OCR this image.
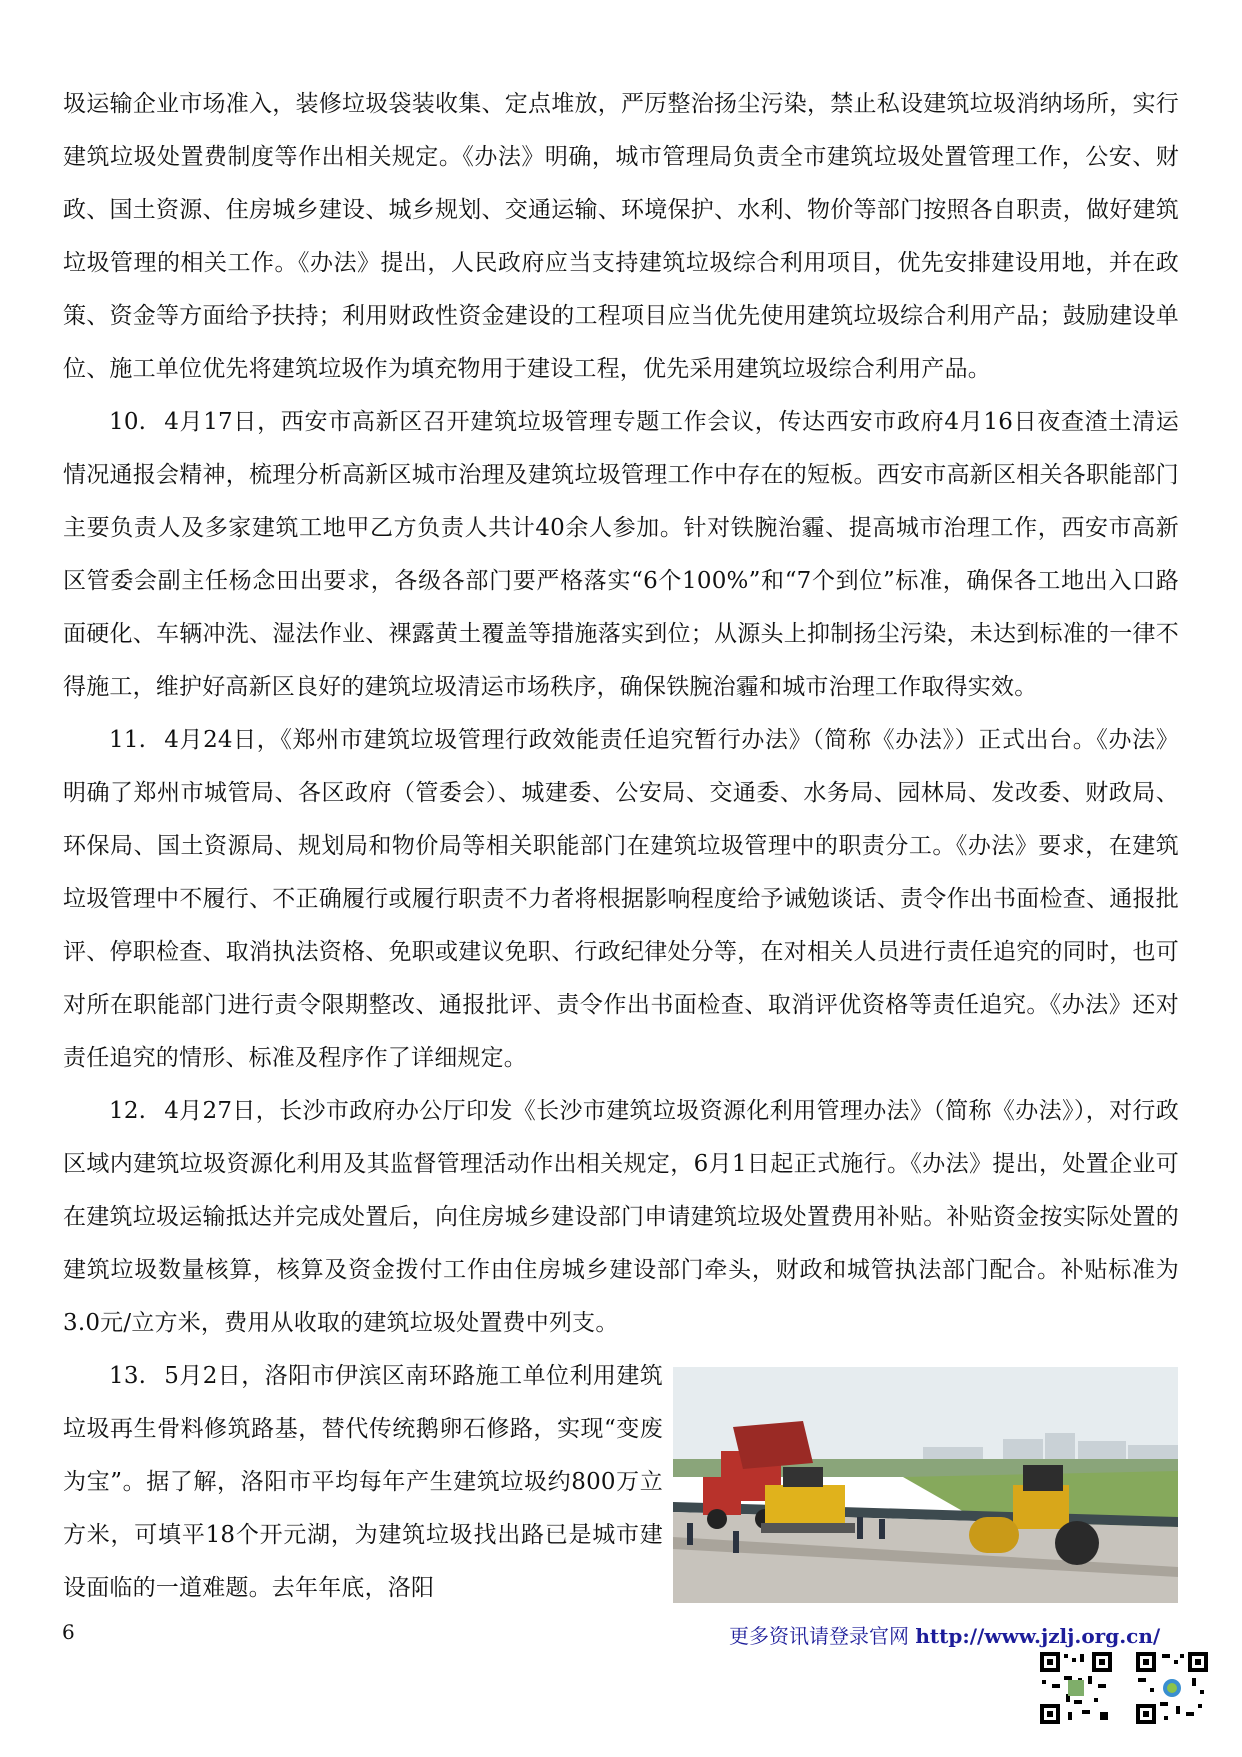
圾运输企业市场准入，装修垃圾袋装收集、定点堆放，严厉整治扬尘污染，禁止私设建筑垃圾消纳场所，实行建筑垃圾处置费制度等作出相关规定。《办法》明确，城市管理局负责全市建筑垃圾处置管理工作，公安、财政、国土资源、住房城乡建设、城乡规划、交通运输、环境保护、水利、物价等部门按照各自职责，做好建筑垃圾管理的相关工作。《办法》提出，人民政府应当支持建筑垃圾综合利用项目，优先安排建设用地，并在政策、资金等方面给予扶持；利用财政性资金建设的工程项目应当优先使用建筑垃圾综合利用产品；鼓励建设单位、施工单位优先将建筑垃圾作为填充物用于建设工程，优先采用建筑垃圾综合利用产品。

10. 4月17日，西安市高新区召开建筑垃圾管理专题工作会议，传达西安市政府4月16日夜查渣土清运情况通报会精神，梳理分析高新区城市治理及建筑垃圾管理工作中存在的短板。西安市高新区相关各职能部门主要负责人及多家建筑工地甲乙方负责人共计40余人参加。针对铁腕治霾、提高城市治理工作，西安市高新区管委会副主任杨念田出要求，各级各部门要严格落实“6个100%”和“7个到位”标准，确保各工地出入口路面硬化、车辆冲洗、湿法作业、裸露黄土覆盖等措施落实到位；从源头上抑制扬尘污染，未达到标准的一律不得施工，维护好高新区良好的建筑垃圾清运市场秩序，确保铁腕治霾和城市治理工作取得实效。

11. 4月24日，《郑州市建筑垃圾管理行政效能责任追究暂行办法》（简称《办法》）正式出台。《办法》明确了郑州市城管局、各区政府（管委会）、城建委、公安局、交通委、水务局、园林局、发改委、财政局、环保局、国土资源局、规划局和物价局等相关职能部门在建筑垃圾管理中的职责分工。《办法》要求，在建筑垃圾管理中不履行、不正确履行或履行职责不力者将根据影响程度给予诫勉谈话、责令作出书面检查、通报批评、停职检查、取消执法资格、免职或建议免职、行政纪律处分等，在对相关人员进行责任追究的同时，也可对所在职能部门进行责令限期整改、通报批评、责令作出书面检查、取消评优资格等责任追究。《办法》还对责任追究的情形、标准及程序作了详细规定。

12. 4月27日，长沙市政府办公厅印发《长沙市建筑垃圾资源化利用管理办法》（简称《办法》），对行政区域内建筑垃圾资源化利用及其监督管理活动作出相关规定，6月1日起正式施行。《办法》提出，处置企业可在建筑垃圾运输抵达并完成处置后，向住房城乡建设部门申请建筑垃圾处置费用补贴。补贴资金按实际处置的建筑垃圾数量核算，核算及资金拨付工作由住房城乡建设部门牵头，财政和城管执法部门配合。补贴标准为3.0元/立方米，费用从收取的建筑垃圾处置费中列支。

13. 5月2日，洛阳市伊滨区南环路施工单位利用建筑垃圾再生骨料修筑路基，替代传统鹅卵石修路，实现“变废为宝”。据了解，洛阳市平均每年产生建筑垃圾约800万立方米，可填平18个开元湖，为建筑垃圾找出路已是城市建设面临的一道难题。去年年底，洛阳

6	更多资讯请登录官网 http://www.jzlj.org.cn/
